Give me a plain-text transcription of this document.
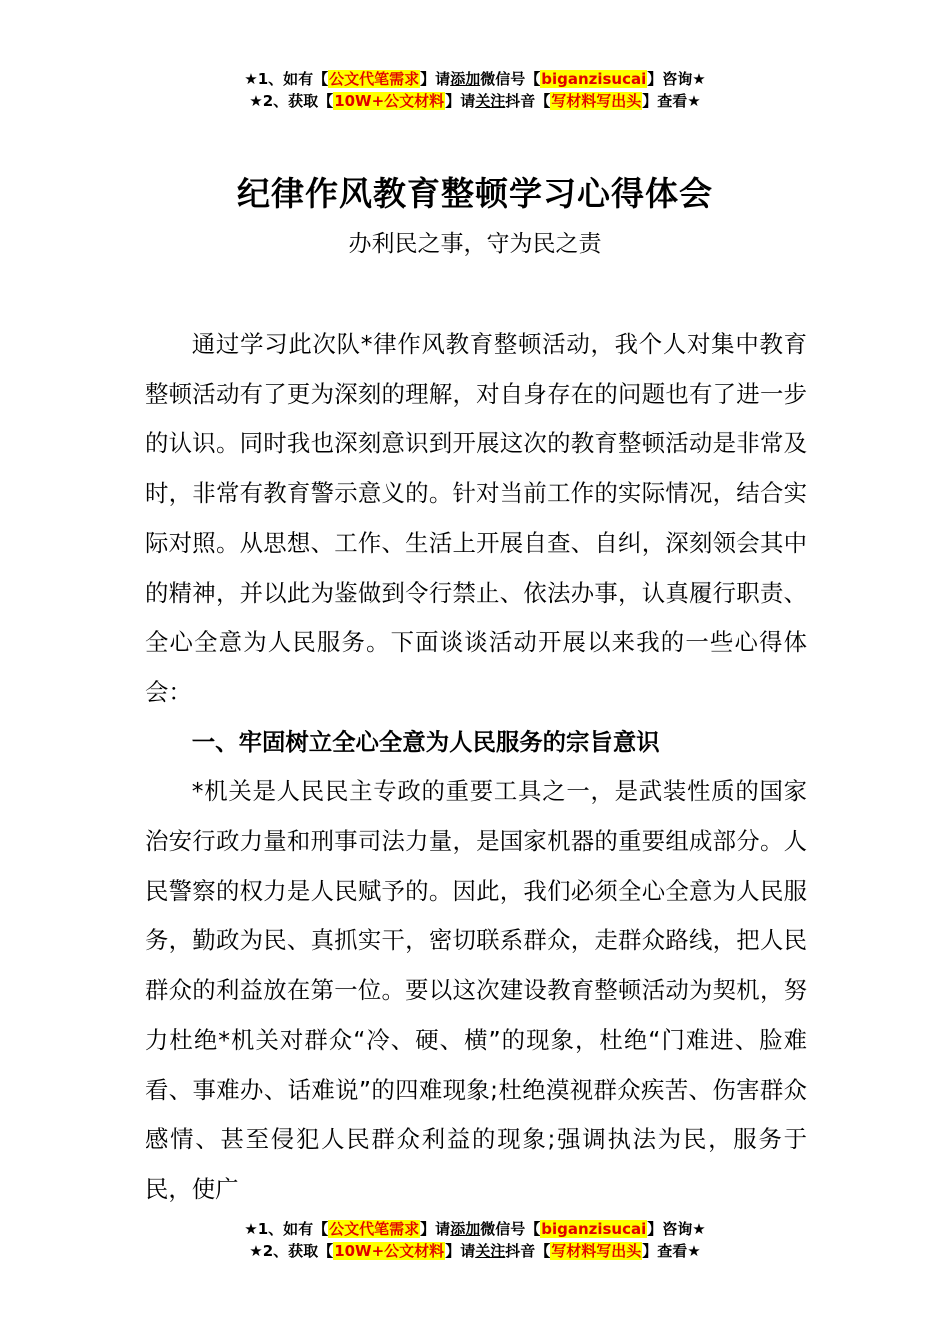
★1、如有【公文代笔需求】请添加微信号【biganzisucai】咨询★
★2、获取【10W+公文材料】请关注抖音【写材料写出头】查看★
纪律作风教育整顿学习心得体会
办利民之事，守为民之责

通过学习此次队*律作风教育整顿活动，我个人对集中教育整顿活动有了更为深刻的理解，对自身存在的问题也有了进一步的认识。同时我也深刻意识到开展这次的教育整顿活动是非常及时，非常有教育警示意义的。针对当前工作的实际情况，结合实际对照。从思想、工作、生活上开展自查、自纠，深刻领会其中的精神，并以此为鉴做到令行禁止、依法办事，认真履行职责、全心全意为人民服务。下面谈谈活动开展以来我的一些心得体会：

一、牢固树立全心全意为人民服务的宗旨意识

*机关是人民民主专政的重要工具之一，是武装性质的国家治安行政力量和刑事司法力量，是国家机器的重要组成部分。人民警察的权力是人民赋予的。因此，我们必须全心全意为人民服务，勤政为民、真抓实干，密切联系群众，走群众路线，把人民群众的利益放在第一位。要以这次建设教育整顿活动为契机，努力杜绝*机关对群众“冷、硬、横”的现象，杜绝“门难进、脸难看、事难办、话难说”的四难现象;杜绝漠视群众疾苦、伤害群众感情、甚至侵犯人民群众利益的现象;强调执法为民，服务于民，使广

★1、如有【公文代笔需求】请添加微信号【biganzisucai】咨询★
★2、获取【10W+公文材料】请关注抖音【写材料写出头】查看★
